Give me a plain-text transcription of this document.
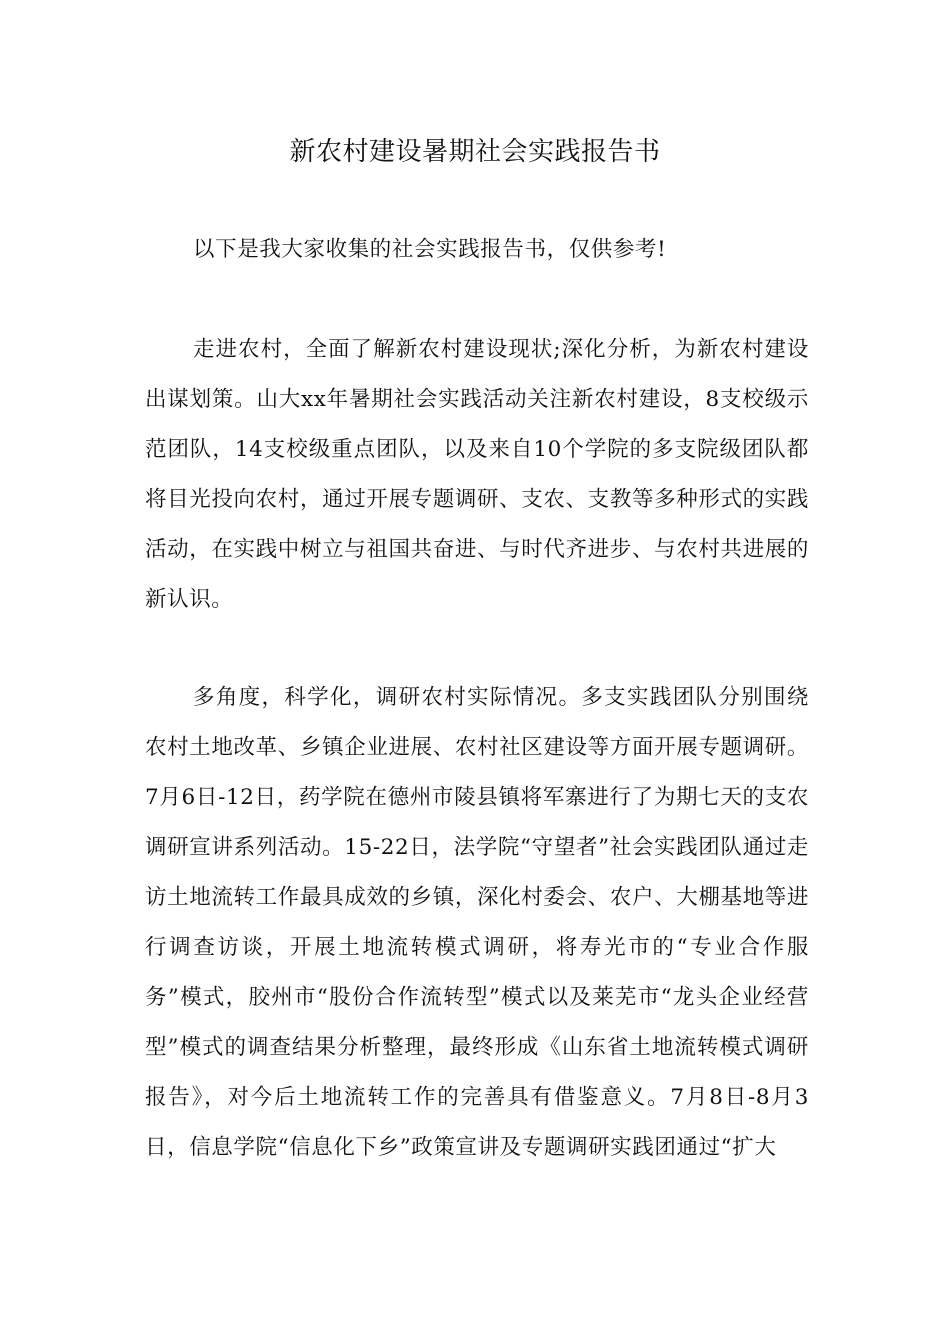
新农村建设暑期社会实践报告书

以下是我大家收集的社会实践报告书，仅供参考!

走进农村，全面了解新农村建设现状;深化分析，为新农村建设出谋划策。山大xx年暑期社会实践活动关注新农村建设，8支校级示范团队，14支校级重点团队，以及来自10个学院的多支院级团队都将目光投向农村，通过开展专题调研、支农、支教等多种形式的实践活动，在实践中树立与祖国共奋进、与时代齐进步、与农村共进展的新认识。

多角度，科学化，调研农村实际情况。多支实践团队分别围绕农村土地改革、乡镇企业进展、农村社区建设等方面开展专题调研。7月6日-12日，药学院在德州市陵县镇将军寨进行了为期七天的支农调研宣讲系列活动。15-22日，法学院“守望者”社会实践团队通过走访土地流转工作最具成效的乡镇，深化村委会、农户、大棚基地等进行调查访谈，开展土地流转模式调研，将寿光市的“专业合作服务”模式，胶州市“股份合作流转型”模式以及莱芜市“龙头企业经营型”模式的调查结果分析整理，最终形成《山东省土地流转模式调研报告》，对今后土地流转工作的完善具有借鉴意义。7月8日-8月3日，信息学院“信息化下乡”政策宣讲及专题调研实践团通过“扩大
